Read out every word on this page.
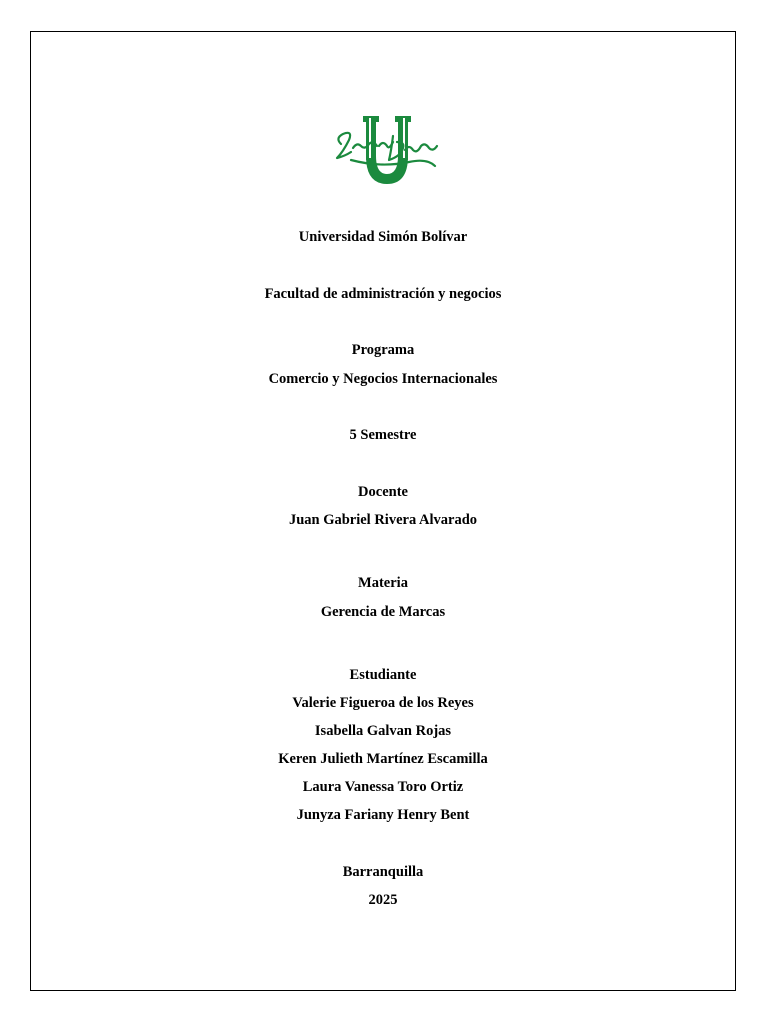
Universidad Simón Bolívar
Facultad de administración y negocios
Programa
Comercio y Negocios Internacionales
5 Semestre
Docente
Juan Gabriel Rivera Alvarado
Materia
Gerencia de Marcas
Estudiante
Valerie Figueroa de los Reyes
Isabella Galvan Rojas
Keren Julieth Martínez Escamilla
Laura Vanessa Toro Ortiz
Junyza Fariany Henry Bent
Barranquilla
2025
